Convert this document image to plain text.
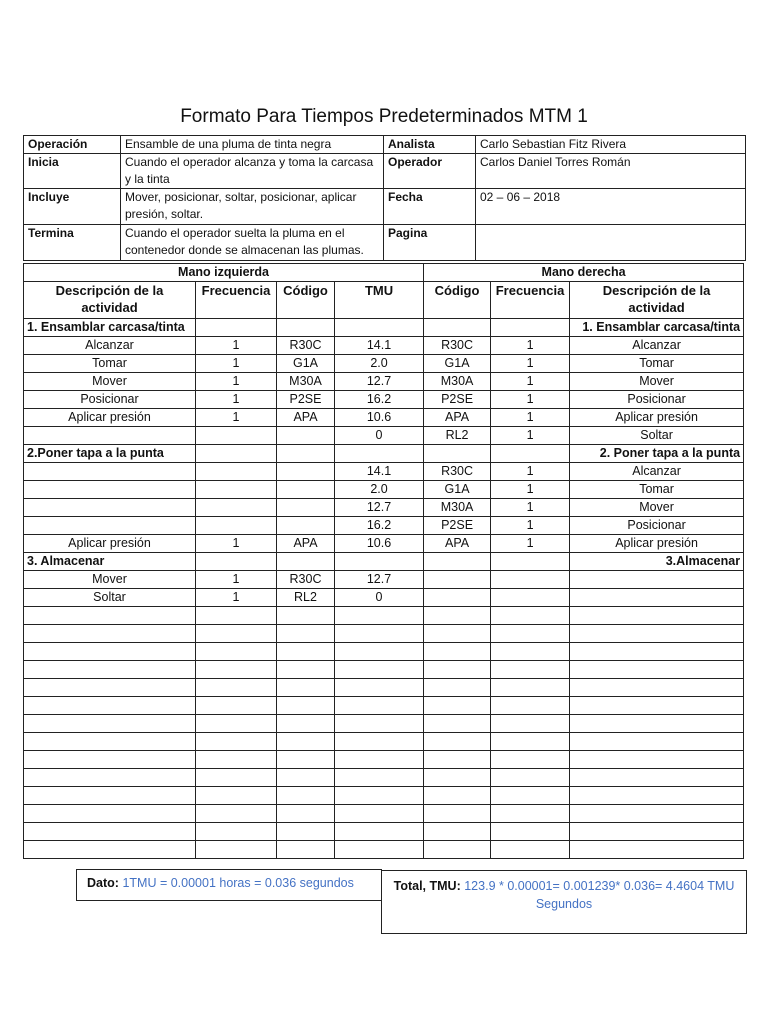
Formato Para Tiempos Predeterminados MTM 1
Operación	Ensamble de una pluma de tinta negra	Analista	Carlo Sebastian Fitz Rivera
Inicia	Cuando el operador alcanza y toma la carcasa y la tinta	Operador	Carlos Daniel Torres Román
Incluye	Mover, posicionar, soltar, posicionar, aplicar presión, soltar.	Fecha	02 – 06 – 2018
Termina	Cuando el operador suelta la pluma en el contenedor donde se almacenan las plumas.	Pagina	
Mano izquierda				Mano derecha		
Descripción de la actividad	Frecuencia	Código	TMU	Código	Frecuencia	Descripción de la actividad
1. Ensamblar carcasa/tinta						1. Ensamblar carcasa/tinta
Alcanzar	1	R30C	14.1	R30C	1	Alcanzar
Tomar	1	G1A	2.0	G1A	1	Tomar
Mover	1	M30A	12.7	M30A	1	Mover
Posicionar	1	P2SE	16.2	P2SE	1	Posicionar
Aplicar presión	1	APA	10.6	APA	1	Aplicar presión
			0	RL2	1	Soltar
2.Poner tapa a la punta						2. Poner tapa a la punta
			14.1	R30C	1	Alcanzar
			2.0	G1A	1	Tomar
			12.7	M30A	1	Mover
			16.2	P2SE	1	Posicionar
Aplicar presión	1	APA	10.6	APA	1	Aplicar presión
3. Almacenar						3.Almacenar
Mover	1	R30C	12.7			
Soltar	1	RL2	0			

Dato: 1TMU = 0.00001 horas = 0.036 segundos	Total, TMU: 123.9 * 0.00001= 0.001239* 0.036= 4.4604 TMU
Segundos
